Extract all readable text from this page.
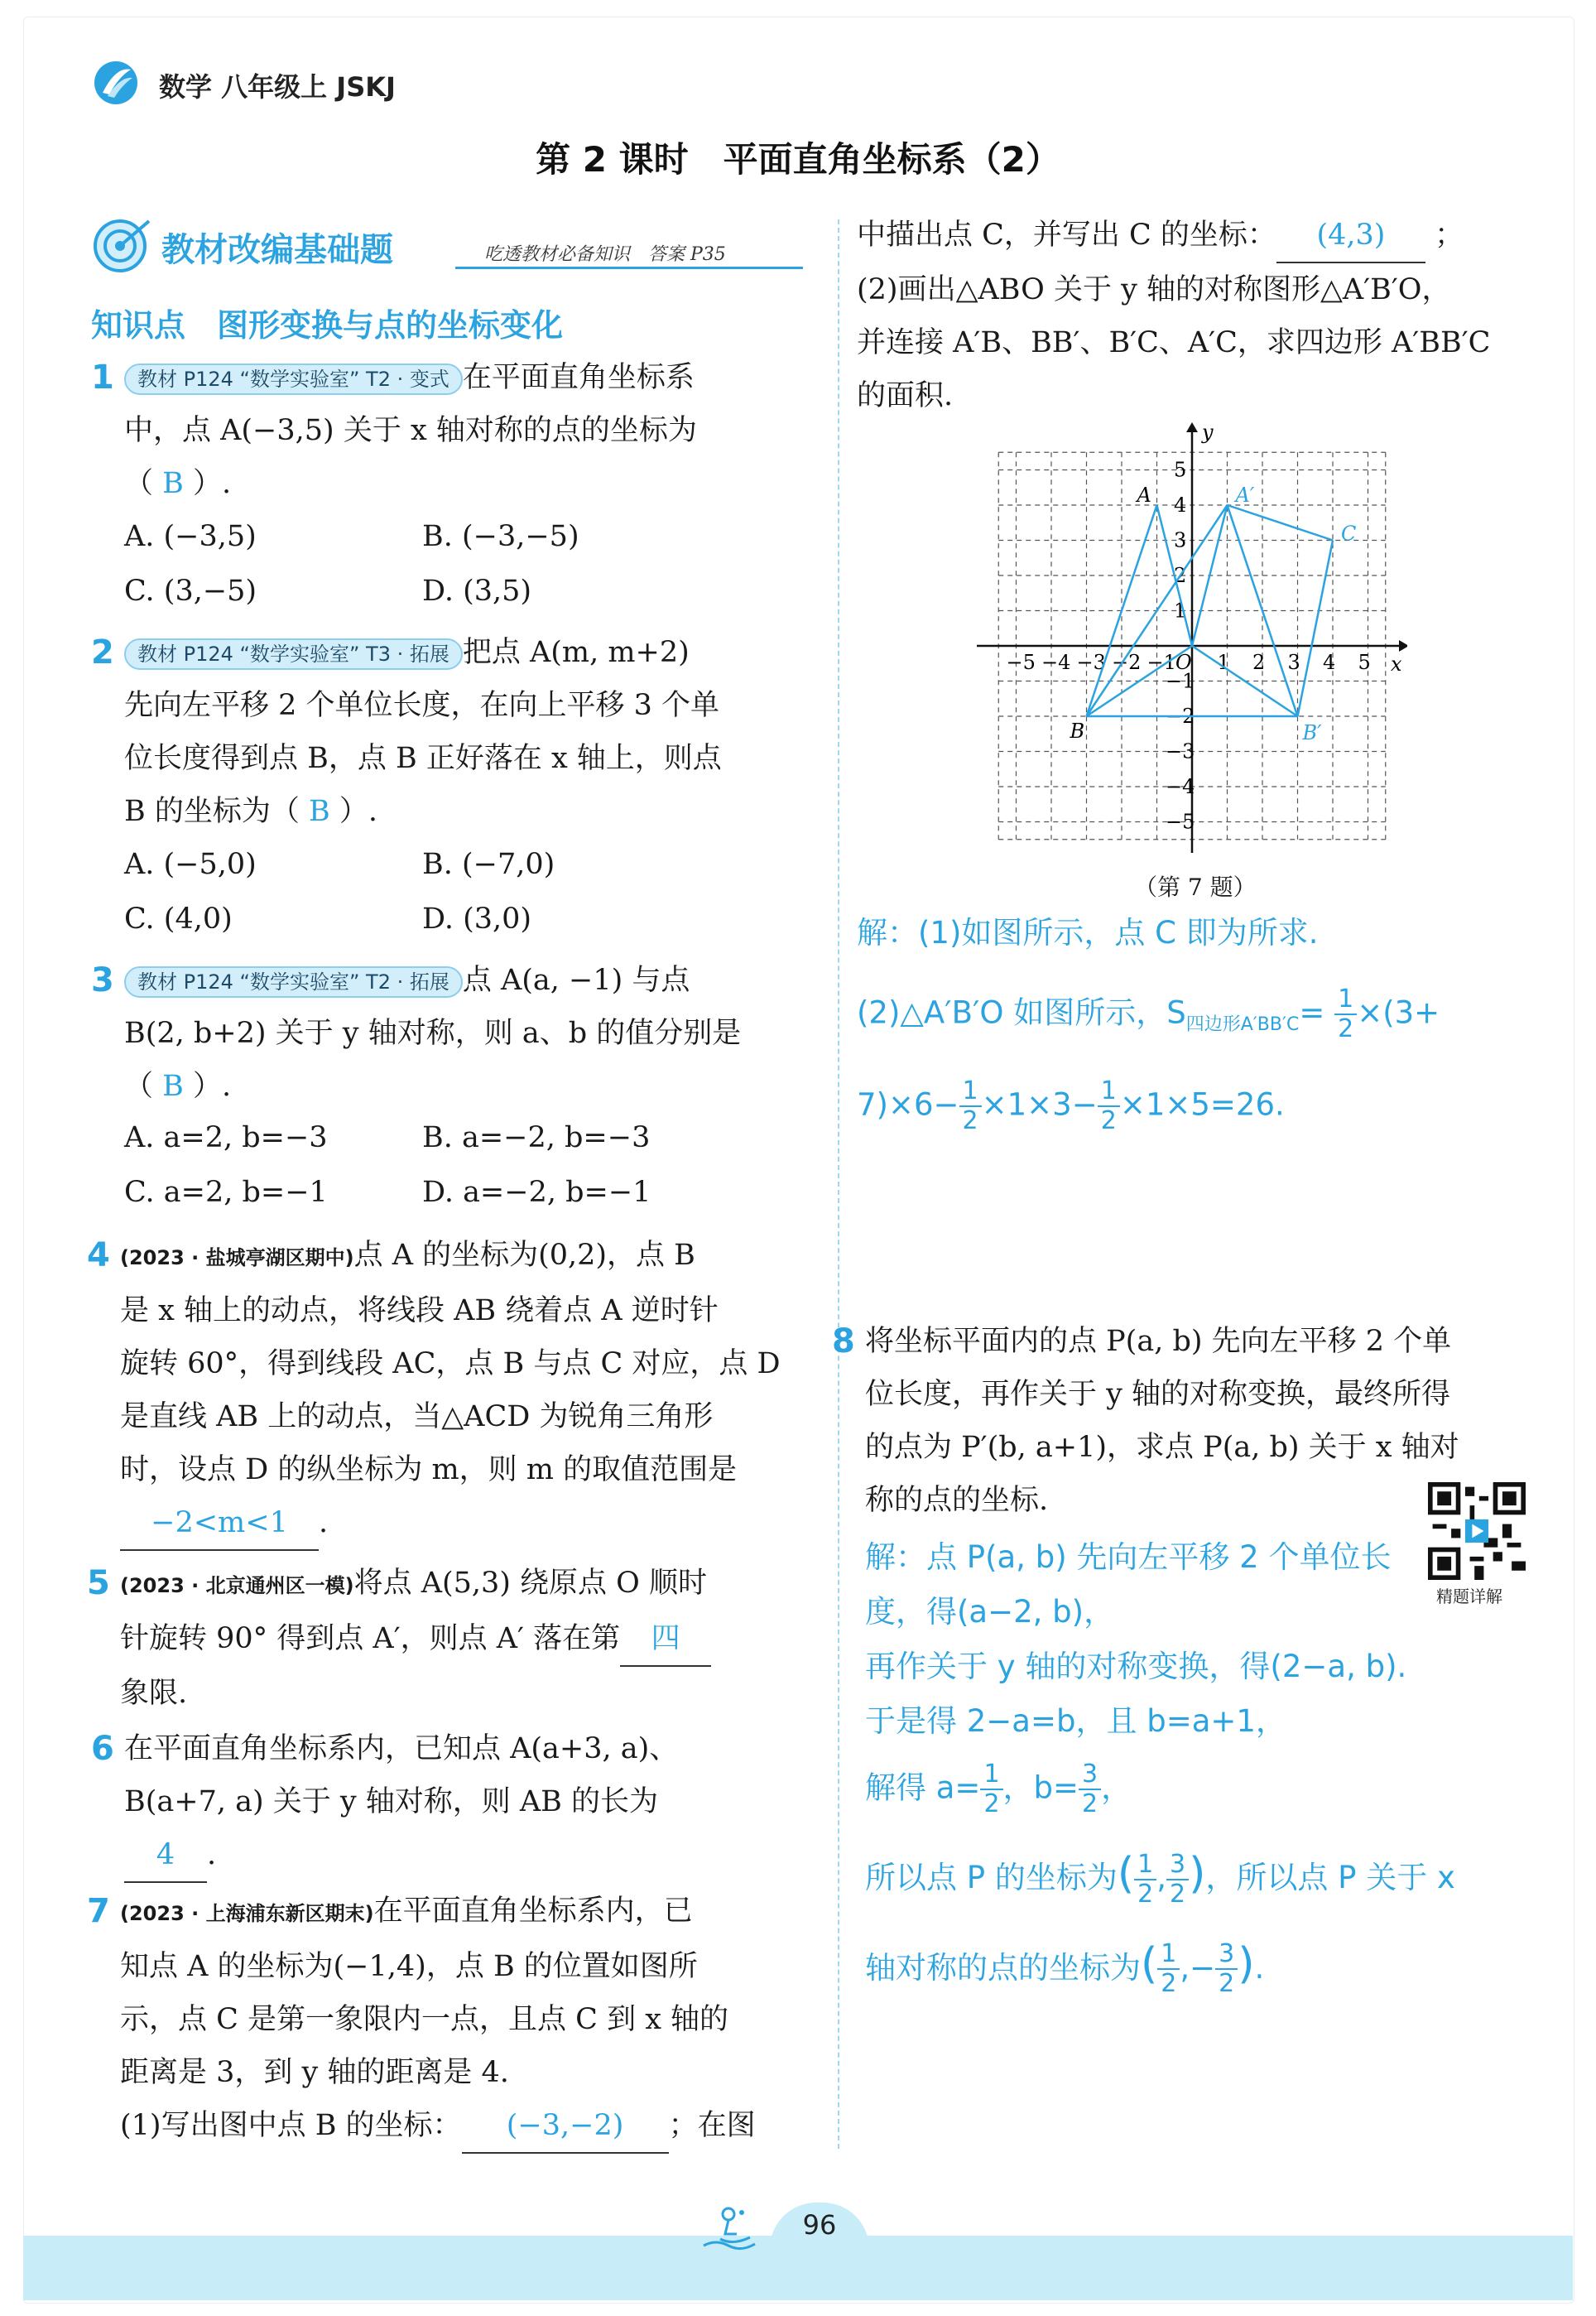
数学 八年级上 JSKJ
第 2 课时　平面直角坐标系（2）
教材改编基础题	吃透教材必备知识　答案 P35
知识点　图形变换与点的坐标变化
1	教材 P124 “数学实验室” T2 · 变式 在平面直角坐标系
中，点 A(−3,5) 关于 x 轴对称的点的坐标为
（ B ）.
A. (−3,5)	B. (−3,−5)
C. (3,−5)	D. (3,5)
2	教材 P124 “数学实验室” T3 · 拓展 把点 A(m, m+2)
先向左平移 2 个单位长度，在向上平移 3 个单
位长度得到点 B，点 B 正好落在 x 轴上，则点
B 的坐标为（ B ）.
A. (−5,0)	B. (−7,0)
C. (4,0)	D. (3,0)
3	教材 P124 “数学实验室” T2 · 拓展 点 A(a, −1) 与点
B(2, b+2) 关于 y 轴对称，则 a、b 的值分别是
（ B ）.
A. a=2, b=−3	B. a=−2, b=−3
C. a=2, b=−1	D. a=−2, b=−1
4 (2023 · 盐城亭湖区期中)点 A 的坐标为(0,2)，点 B
是 x 轴上的动点，将线段 AB 绕着点 A 逆时针
旋转 60°，得到线段 AC，点 B 与点 C 对应，点 D
是直线 AB 上的动点，当△ACD 为锐角三角形
时，设点 D 的纵坐标为 m，则 m 的取值范围是
−2<m<1 .
5 (2023 · 北京通州区一模)将点 A(5,3) 绕原点 O 顺时
针旋转 90° 得到点 A′，则点 A′ 落在第 四
象限.
6 在平面直角坐标系内，已知点 A(a+3, a)、
B(a+7, a) 关于 y 轴对称，则 AB 的长为
4 .
7 (2023 · 上海浦东新区期末)在平面直角坐标系内，已
知点 A 的坐标为(−1,4)，点 B 的位置如图所
示，点 C 是第一象限内一点，且点 C 到 x 轴的
距离是 3，到 y 轴的距离是 4.
(1)写出图中点 B 的坐标： (−3,−2) ；在图
中描出点 C，并写出 C 的坐标： (4,3) ；
(2)画出△ABO 关于 y 轴的对称图形△A′B′O，
并连接 A′B、BB′、B′C、A′C，求四边形 A′BB′C
的面积.
x
y
−5 −4 −3 −2 −1 O 1 2 3 4 5
5
4
3
2
1
−1
−2
−3
−4
−5
A	A′
B	B′
C
（第 7 题）
解：(1)如图所示，点 C 即为所求.
(2)△A′B′O 如图所示，$S_{四边形A'BB'C}= \frac{1}{2} \times(3+$
$7)\times 6- \frac{1}{2} \times 1\times 3- \frac{1}{2} \times 1\times 5=26$.
8 将坐标平面内的点 P(a, b) 先向左平移 2 个单
位长度，再作关于 y 轴的对称变换，最终所得
的点为 P′(b, a+1)，求点 P(a, b) 关于 x 轴对
称的点的坐标.
精题详解
解：点 P(a, b) 先向左平移 2 个单位长
度，得(a−2, b)，
再作关于 y 轴的对称变换，得(2−a, b).
于是得 2−a=b，且 b=a+1，
解得 $a= \frac{1}{2}$ ，$b= \frac{3}{2}$ ，
所以点 P 的坐标为( $\frac{1}{2}$ , $\frac{3}{2}$ )，所以点 P 关于 x
轴对称的点的坐标为( $\frac{1}{2}$ ,− $\frac{3}{2}$ ).
96
